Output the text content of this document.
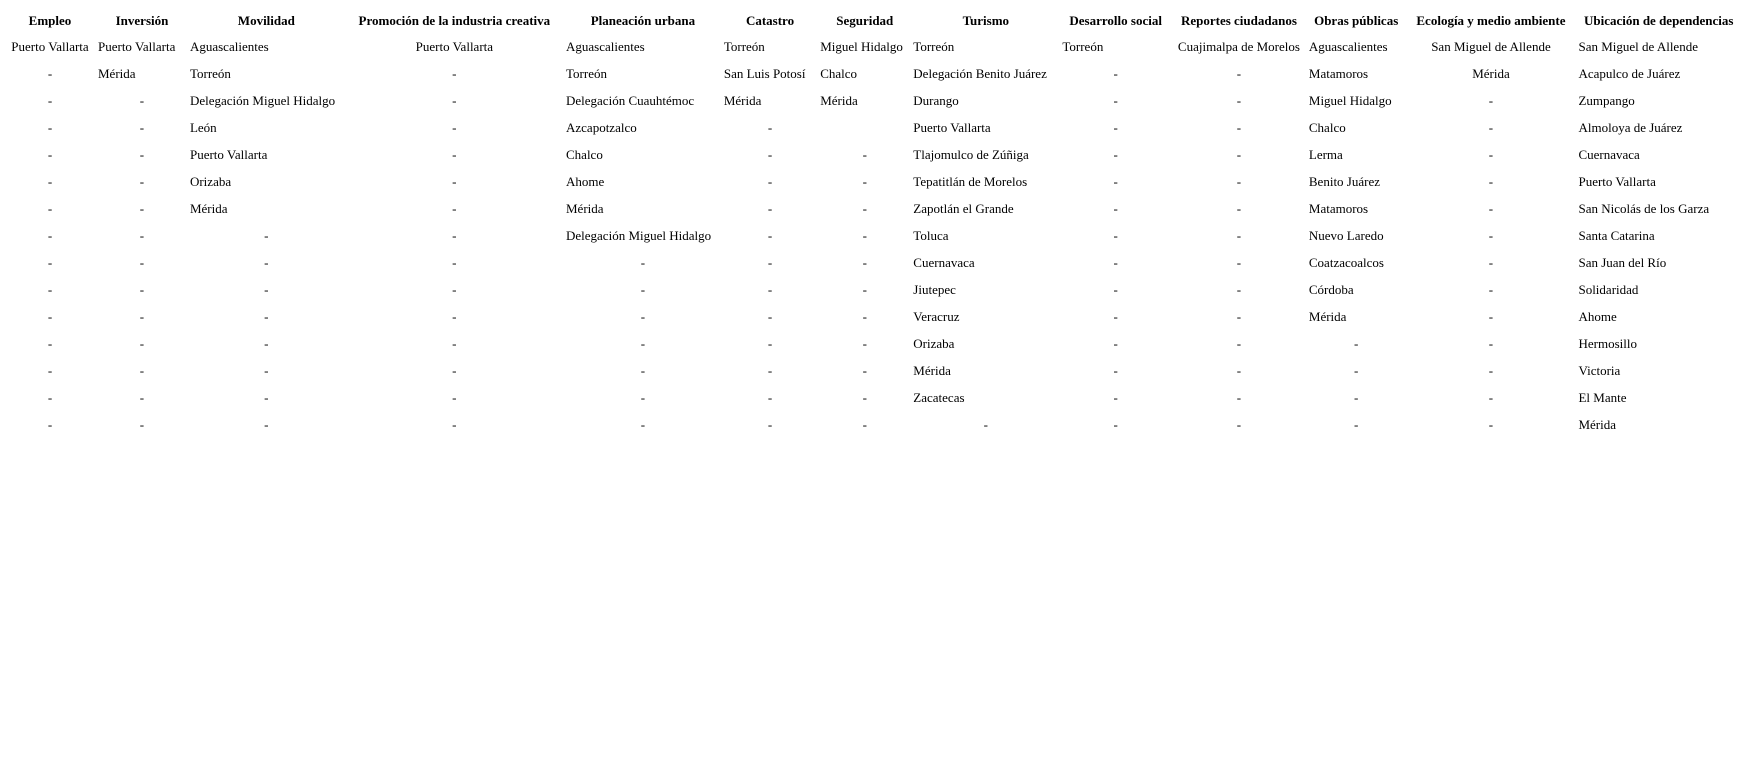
Empleo	Inversión	Movilidad	Promoción de la industria creativa	Planeación urbana	Catastro	Seguridad	Turismo	Desarrollo social	Reportes ciudadanos	Obras públicas	Ecología y medio ambiente	Ubicación de dependencias
Puerto Vallarta	Puerto Vallarta	Aguascalientes	Puerto Vallarta	Aguascalientes	Torreón	Miguel Hidalgo	Torreón	Torreón	Cuajimalpa de Morelos	Aguascalientes	San Miguel de Allende	San Miguel de Allende
-	Mérida	Torreón	-	Torreón	San Luis Potosí	Chalco	Delegación Benito Juárez	-	-	Matamoros	Mérida	Acapulco de Juárez
-	-	Delegación Miguel Hidalgo	-	Delegación Cuauhtémoc	Mérida	Mérida	Durango	-	-	Miguel Hidalgo	-	Zumpango
-	-	León	-	Azcapotzalco	-		Puerto Vallarta	-	-	Chalco	-	Almoloya de Juárez
-	-	Puerto Vallarta	-	Chalco	-	-	Tlajomulco de Zúñiga	-	-	Lerma	-	Cuernavaca
-	-	Orizaba	-	Ahome	-	-	Tepatitlán de Morelos	-	-	Benito Juárez	-	Puerto Vallarta
-	-	Mérida	-	Mérida	-	-	Zapotlán el Grande	-	-	Matamoros	-	San Nicolás de los Garza
-	-	-	-	Delegación Miguel Hidalgo	-	-	Toluca	-	-	Nuevo Laredo	-	Santa Catarina
-	-	-	-	-	-	-	Cuernavaca	-	-	Coatzacoalcos	-	San Juan del Río
-	-	-	-	-	-	-	Jiutepec	-	-	Córdoba	-	Solidaridad
-	-	-	-	-	-	-	Veracruz	-	-	Mérida	-	Ahome
-	-	-	-	-	-	-	Orizaba	-	-	-	-	Hermosillo
-	-	-	-	-	-	-	Mérida	-	-	-	-	Victoria
-	-	-	-	-	-	-	Zacatecas	-	-	-	-	El Mante
-	-	-	-	-	-	-	-	-	-	-	-	Mérida
